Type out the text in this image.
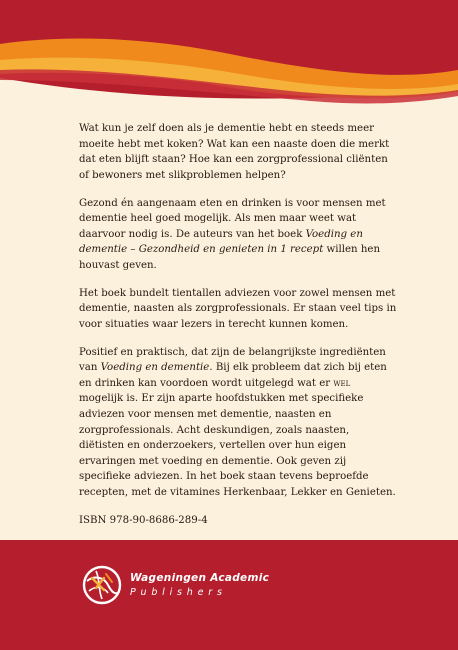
Wat kun je zelf doen als je dementie hebt en steeds meer moeite hebt met koken? Wat kan een naaste doen die merkt dat eten blijft staan? Hoe kan een zorgprofessional cliënten of bewoners met slikproblemen helpen?

Gezond én aangenaam eten en drinken is voor mensen met dementie heel goed mogelijk. Als men maar weet wat daarvoor nodig is. De auteurs van het boek Voeding en dementie – Gezondheid en genieten in 1 recept willen hen houvast geven.

Het boek bundelt tientallen adviezen voor zowel mensen met dementie, naasten als zorgprofessionals. Er staan veel tips in voor situaties waar lezers in terecht kunnen komen.

Positief en praktisch, dat zijn de belangrijkste ingrediënten van Voeding en dementie. Bij elk probleem dat zich bij eten en drinken kan voordoen wordt uitgelegd wat er wel mogelijk is. Er zijn aparte hoofdstukken met specifieke adviezen voor mensen met dementie, naasten en zorgprofessionals. Acht deskundigen, zoals naasten, diëtisten en onderzoekers, vertellen over hun eigen ervaringen met voeding en dementie. Ook geven zij specifieke adviezen. In het boek staan tevens beproefde recepten, met de vitamines Herkenbaar, Lekker en Genieten.

ISBN 978-90-8686-289-4

Wageningen Academic
Publishers
